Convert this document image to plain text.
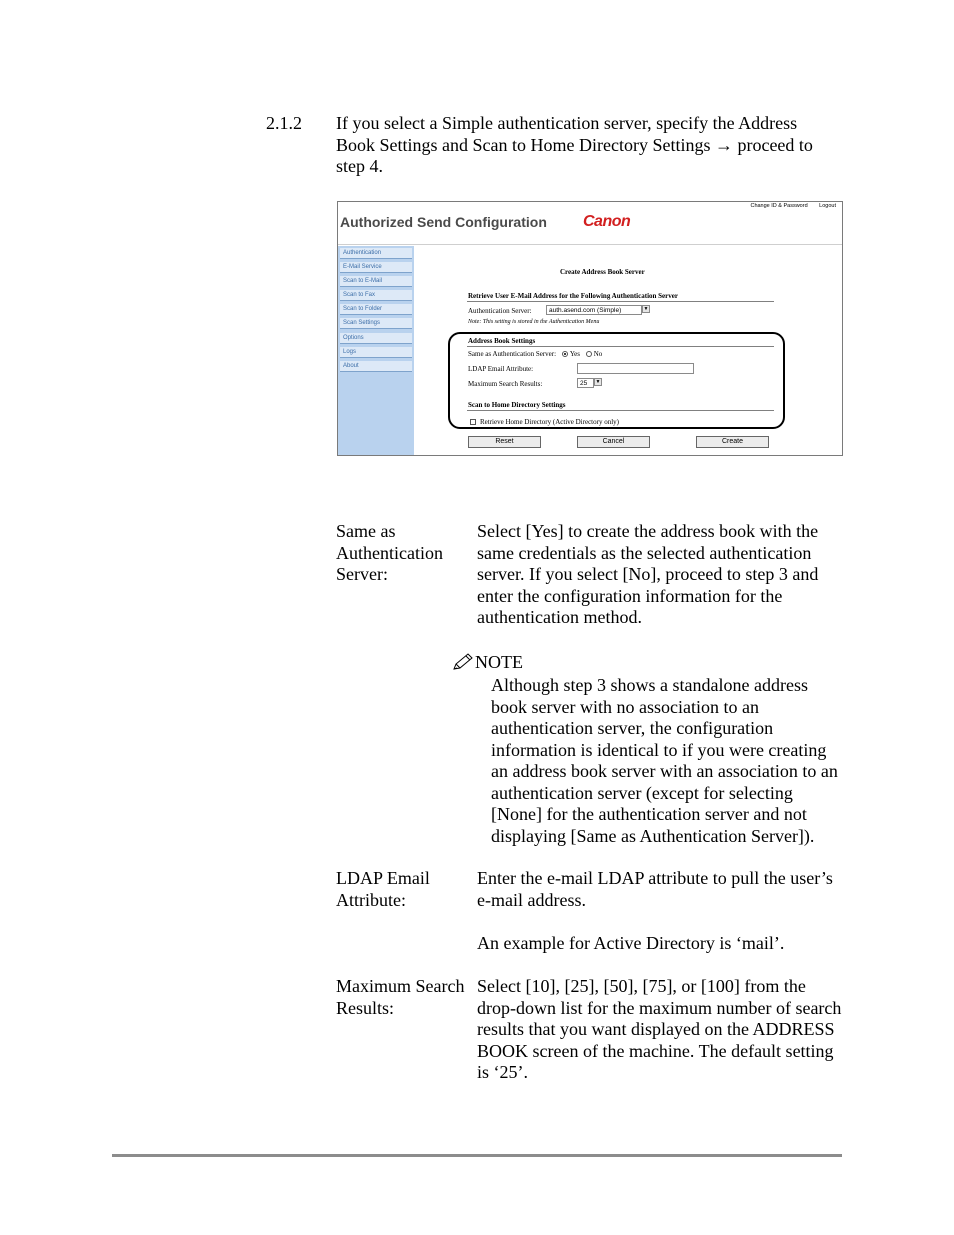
2.1.2 If you select a Simple authentication server, specify the Address Book Settings and Scan to Home Directory Settings → proceed to step 4.
Change ID & Password Logout
Authorized Send Configuration Canon
Authentication
E-Mail Service
Scan to E-Mail
Scan to Fax
Scan to Folder
Scan Settings
Options
Logs
About
Create Address Book Server
Retrieve User E-Mail Address for the Following Authentication Server
Authentication Server:	auth.asend.com (Simple)	▼
Note: This setting is stored in the Authentication Menu
Address Book Settings
Same as Authentication Server: Yes No
LDAP Email Attribute:
Maximum Search Results:	25	▼
Scan to Home Directory Settings
Retrieve Home Directory (Active Directory only)
Reset	Cancel	Create
Same as Authentication Server:
Select [Yes] to create the address book with the same credentials as the selected authentication server. If you select [No], proceed to step 3 and enter the configuration information for the authentication method.
NOTE
Although step 3 shows a standalone address book server with no association to an authentication server, the configuration information is identical to if you were creating an address book server with an association to an authentication server (except for selecting [None] for the authentication server and not displaying [Same as Authentication Server]).
LDAP Email Attribute:
Enter the e-mail LDAP attribute to pull the user’s e-mail address.
An example for Active Directory is ‘mail’.
Maximum Search Results:
Select [10], [25], [50], [75], or [100] from the drop-down list for the maximum number of search results that you want displayed on the ADDRESS BOOK screen of the machine. The default setting is ‘25’.
